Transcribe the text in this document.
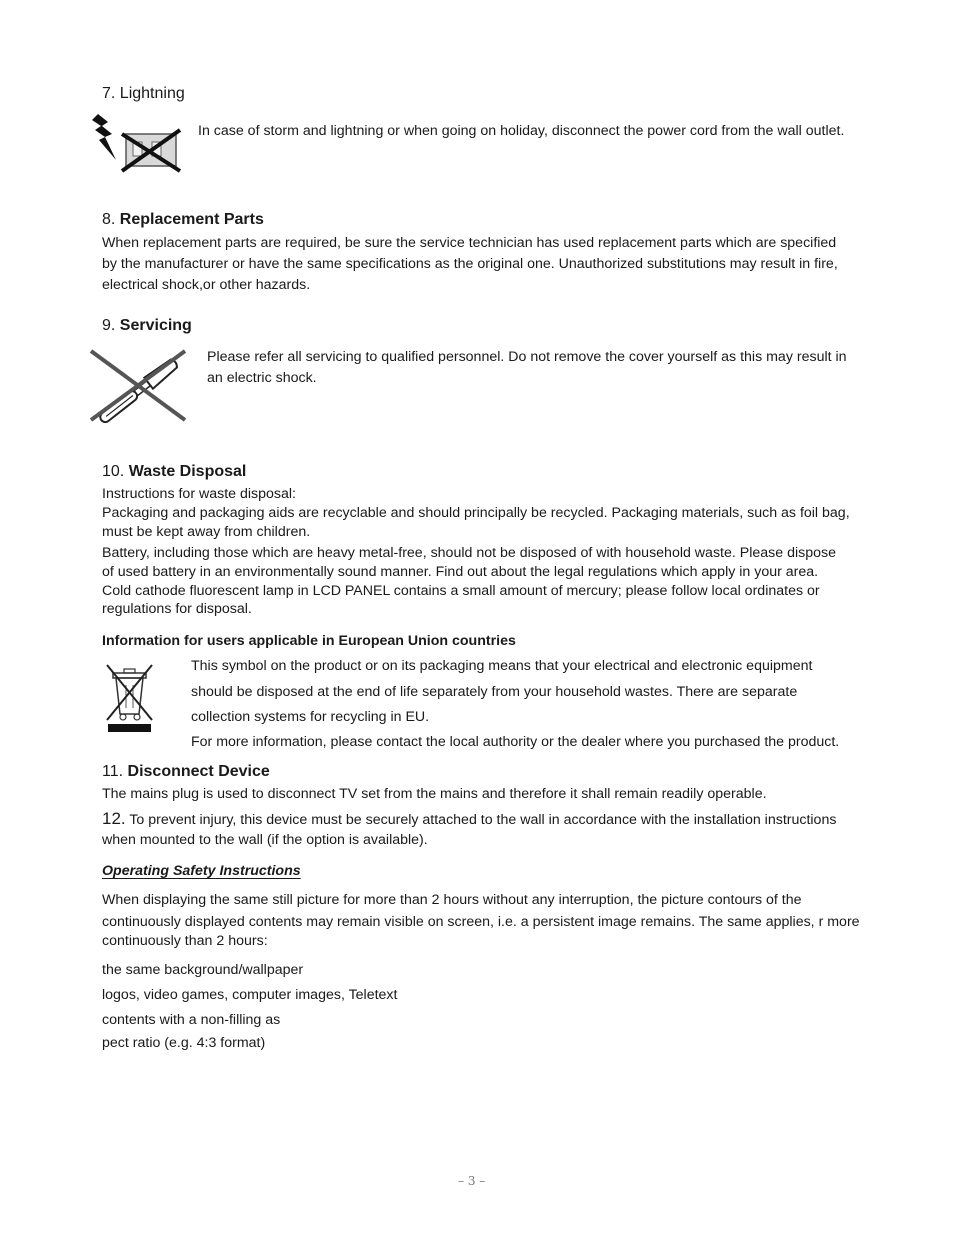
7. Lightning
In case of storm and lightning or when going on holiday, disconnect the power cord from the wall outlet.
8. Replacement Parts
When replacement parts are required, be sure the service technician has used replacement parts which are specified
by the manufacturer or have the same specifications as the original one. Unauthorized substitutions may result in fire,
electrical shock,or other hazards.
9. Servicing
Please refer all servicing to qualified personnel. Do not remove the cover yourself as this may result in
an electric shock.
10. Waste Disposal
Instructions for waste disposal:
Packaging and packaging aids are recyclable and should principally be recycled. Packaging materials, such as foil bag,
must be kept away from children.
Battery, including those which are heavy metal-free, should not be disposed of with household waste. Please dispose
of used battery in an environmentally sound manner. Find out about the legal regulations which apply in your area.
Cold cathode fluorescent lamp in LCD PANEL contains a small amount of mercury; please follow local ordinates or
regulations for disposal.
Information for users applicable in European Union countries
This symbol on the product or on its packaging means that your electrical and electronic equipment
should be disposed at the end of life separately from your household wastes. There are separate
collection systems for recycling in EU.
For more information, please contact the local authority or the dealer where you purchased the product.
11. Disconnect Device
The mains plug is used to disconnect TV set from the mains and therefore it shall remain readily operable.
12. To prevent injury, this device must be securely attached to the wall in accordance with the installation instructions
when mounted to the wall (if the option is available).
Operating Safety Instructions
When displaying the same still picture for more than 2 hours without any interruption, the picture contours of the
continuously displayed contents may remain visible on screen, i.e. a persistent image remains. The same applies, r more
continuously than 2 hours:
the same background/wallpaper
logos, video games, computer images, Teletext
contents with a non-filling as
pect ratio (e.g. 4:3 format)
– 3 –
